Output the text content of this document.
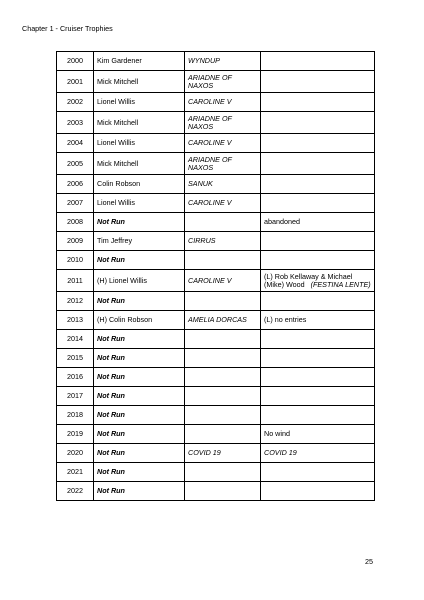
Chapter 1 - Cruiser Trophies
2000	Kim Gardener	WYNDUP	
2001	Mick Mitchell	ARIADNE OF NAXOS	
2002	Lionel Willis	CAROLINE V	
2003	Mick Mitchell	ARIADNE OF NAXOS	
2004	Lionel Willis	CAROLINE V	
2005	Mick Mitchell	ARIADNE OF NAXOS	
2006	Colin Robson	SANUK	
2007	Lionel Willis	CAROLINE V	
2008	Not Run		abandoned
2009	Tim Jeffrey	CIRRUS	
2010	Not Run		
2011	(H) Lionel Willis	CAROLINE V	(L) Rob Kellaway & Michael (Mike) Wood (FESTINA LENTE)
2012	Not Run		
2013	(H) Colin Robson	AMELIA DORCAS	(L) no entries
2014	Not Run		
2015	Not Run		
2016	Not Run		
2017	Not Run		
2018	Not Run		
2019	Not Run		No wind
2020	Not Run	COVID 19	COVID 19
2021	Not Run		
2022	Not Run		
25
